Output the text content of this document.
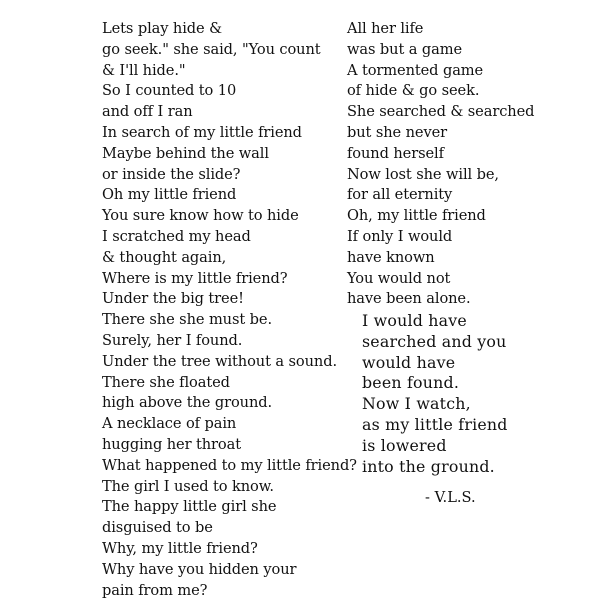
Lets play hide &
go seek." she said, "You count
& I'll hide."
So I counted to 10
and off I ran
In search of my little friend
Maybe behind the wall
or inside the slide?
Oh my little friend
You sure know how to hide
I scratched my head
& thought again,
Where is my little friend?
Under the big tree!
There she she must be.
Surely, her I found.
Under the tree without a sound.
There she floated
high above the ground.
A necklace of pain
hugging her throat
What happened to my little friend?
The girl I used to know.
The happy little girl she
disguised to be
Why, my little friend?
Why have you hidden your
pain from me?
All her life
was but a game
A tormented game
of hide & go seek.
She searched & searched
but she never
found herself
Now lost she will be,
for all eternity
Oh, my little friend
If only I would
have known
You would not
have been alone.
I would have
searched and you
would have
been found.
Now I watch,
as my little friend
is lowered
into the ground.

- V.L.S.
